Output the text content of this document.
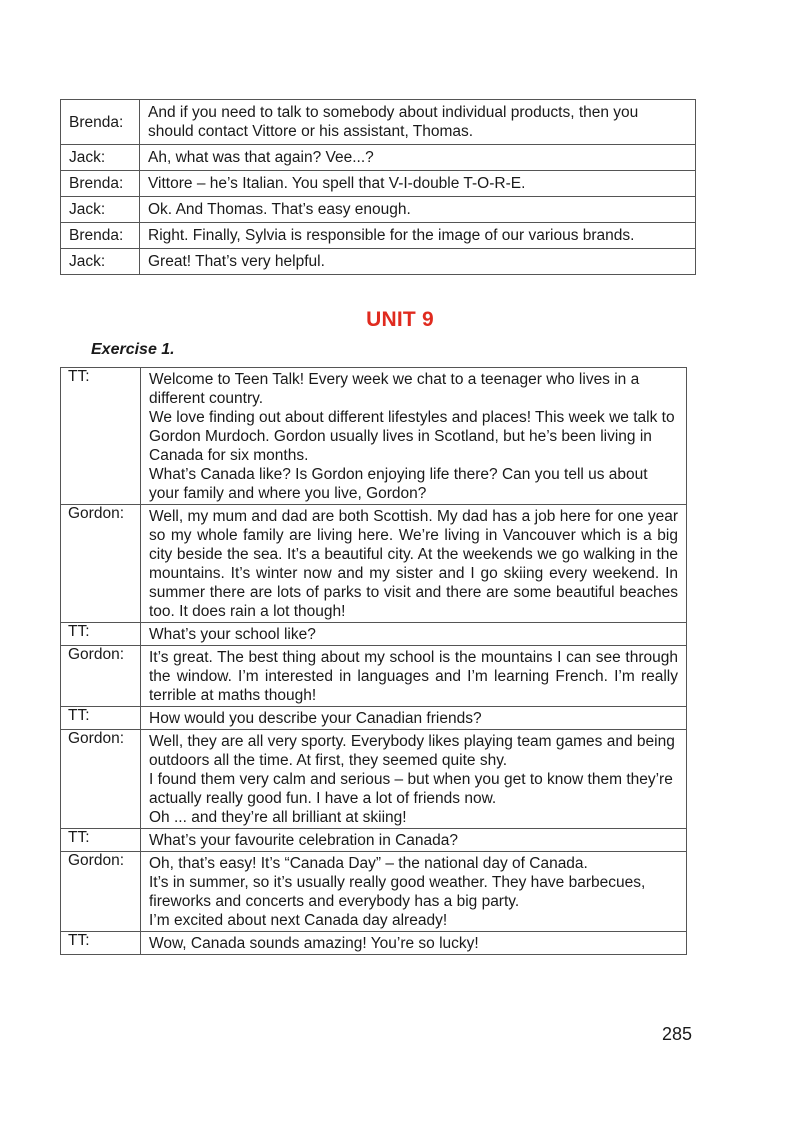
Brenda:	And if you need to talk to somebody about individual products, then you should contact Vittore or his assistant, Thomas.
Jack:	Ah, what was that again? Vee...?
Brenda:	Vittore – he’s Italian. You spell that V-I-double T-O-R-E.
Jack:	Ok. And Thomas. That’s easy enough.
Brenda:	Right. Finally, Sylvia is responsible for the image of our various brands.
Jack:	Great! That’s very helpful.
UNIT 9
Exercise 1.
TT:	Welcome to Teen Talk! Every week we chat to a teenager who lives in a different country.
We love finding out about different lifestyles and places! This week we talk to Gordon Murdoch. Gordon usually lives in Scotland, but he’s been living in Canada for six months.
What’s Canada like? Is Gordon enjoying life there? Can you tell us about your family and where you live, Gordon?
Gordon:	Well, my mum and dad are both Scottish. My dad has a job here for one year so my whole family are living here. We’re living in Vancouver which is a big city beside the sea. It’s a beautiful city. At the weekends we go walking in the mountains. It’s winter now and my sister and I go skiing every weekend. In summer there are lots of parks to visit and there are some beautiful beaches too. It does rain a lot though!
TT:	What’s your school like?
Gordon:	It’s great. The best thing about my school is the mountains I can see through the window. I’m interested in languages and I’m learning French. I’m really terrible at maths though!
TT:	How would you describe your Canadian friends?
Gordon:	Well, they are all very sporty. Everybody likes playing team games and being outdoors all the time. At first, they seemed quite shy.
I found them very calm and serious – but when you get to know them they’re actually really good fun. I have a lot of friends now.
Oh ... and they’re all brilliant at skiing!
TT:	What’s your favourite celebration in Canada?
Gordon:	Oh, that’s easy! It’s “Canada Day” – the national day of Canada.
It’s in summer, so it’s usually really good weather. They have barbecues, fireworks and concerts and everybody has a big party.
I’m excited about next Canada day already!
TT:	Wow, Canada sounds amazing! You’re so lucky!
285
